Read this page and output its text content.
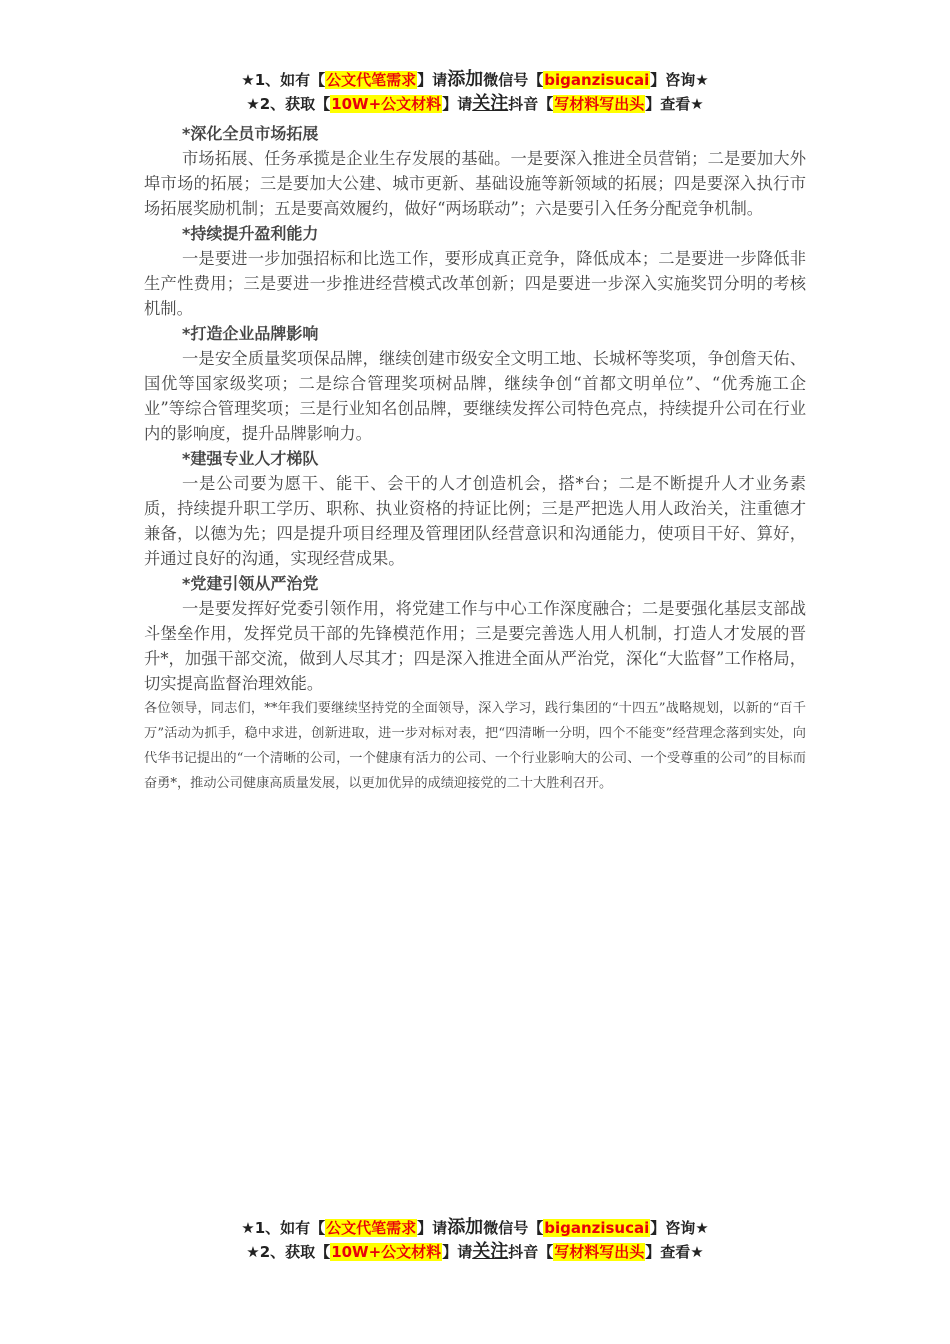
★1、如有【公文代笔需求】请添加微信号【biganzisucai】咨询★
★2、获取【10W+公文材料】请关注抖音【写材料写出头】查看★
*深化全员市场拓展

市场拓展、任务承揽是企业生存发展的基础。一是要深入推进全员营销；二是要加大外埠市场的拓展；三是要加大公建、城市更新、基础设施等新领域的拓展；四是要深入执行市场拓展奖励机制；五是要高效履约，做好“两场联动”；六是要引入任务分配竞争机制。

*持续提升盈利能力

一是要进一步加强招标和比选工作，要形成真正竞争，降低成本；二是要进一步降低非生产性费用；三是要进一步推进经营模式改革创新；四是要进一步深入实施奖罚分明的考核机制。

*打造企业品牌影响

一是安全质量奖项保品牌，继续创建市级安全文明工地、长城杯等奖项，争创詹天佑、国优等国家级奖项；二是综合管理奖项树品牌，继续争创“首都文明单位”、“优秀施工企业”等综合管理奖项；三是行业知名创品牌，要继续发挥公司特色亮点，持续提升公司在行业内的影响度，提升品牌影响力。

*建强专业人才梯队

一是公司要为愿干、能干、会干的人才创造机会，搭*台；二是不断提升人才业务素质，持续提升职工学历、职称、执业资格的持证比例；三是严把选人用人政治关，注重德才兼备，以德为先；四是提升项目经理及管理团队经营意识和沟通能力，使项目干好、算好，并通过良好的沟通，实现经营成果。

*党建引领从严治党

一是要发挥好党委引领作用，将党建工作与中心工作深度融合；二是要强化基层支部战斗堡垒作用，发挥党员干部的先锋模范作用；三是要完善选人用人机制，打造人才发展的晋升*，加强干部交流，做到人尽其才；四是深入推进全面从严治党，深化“大监督”工作格局，切实提高监督治理效能。

各位领导，同志们，**年我们要继续坚持党的全面领导，深入学习，践行集团的“十四五”战略规划，以新的“百千万”活动为抓手，稳中求进，创新进取，进一步对标对表，把“四清晰一分明，四个不能变”经营理念落到实处，向代华书记提出的“一个清晰的公司，一个健康有活力的公司、一个行业影响大的公司、一个受尊重的公司”的目标而奋勇*，推动公司健康高质量发展，以更加优异的成绩迎接党的二十大胜利召开。

★1、如有【公文代笔需求】请添加微信号【biganzisucai】咨询★
★2、获取【10W+公文材料】请关注抖音【写材料写出头】查看★
